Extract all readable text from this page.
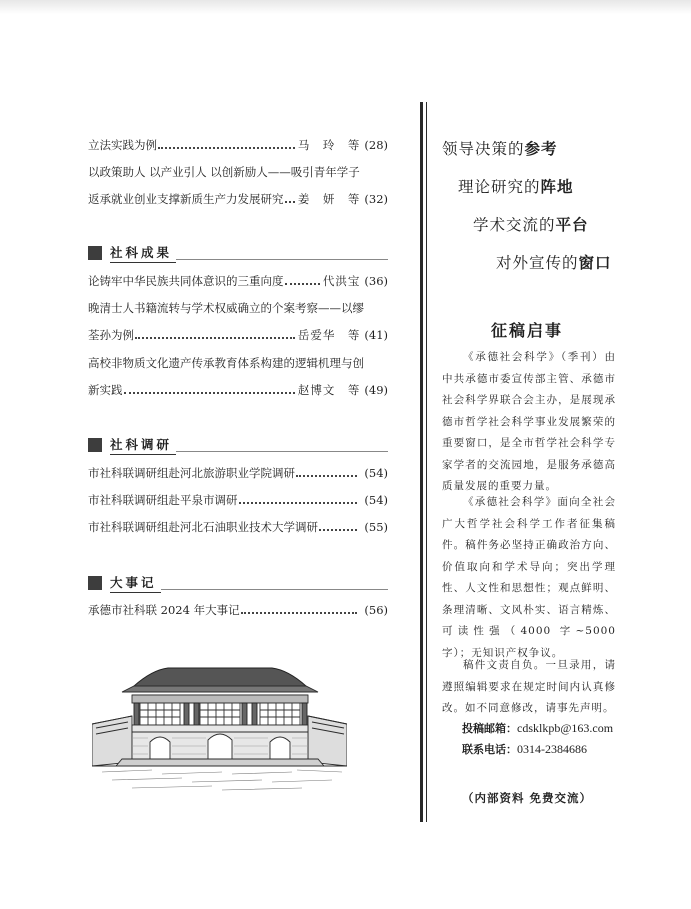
立法实践为例	马　玲　等 (28)
以政策助人 以产业引人 以创新励人——吸引青年学子
返承就业创业支撑新质生产力发展研究 姜　妍　等 (32)
社科成果
论铸牢中华民族共同体意识的三重向度	代洪宝 (36)
晚清士人书籍流转与学术权威确立的个案考察——以缪
荃孙为例	岳爱华　等 (41)
高校非物质文化遗产传承教育体系构建的逻辑机理与创
新实践	赵博文　等 (49)
社科调研
市社科联调研组赴河北旅游职业学院调研	(54)
市社科联调研组赴平泉市调研	(54)
市社科联调研组赴河北石油职业技术大学调研	(55)
大事记
承德市社科联 2024 年大事记	(56)
领导决策的参考
理论研究的阵地
学术交流的平台
对外宣传的窗口
征稿启事
《承德社会科学》（季刊）由中共承德市委宣传部主管、承德市社会科学界联合会主办，是展现承德市哲学社会科学事业发展繁荣的重要窗口，是全市哲学社会科学专家学者的交流园地，是服务承德高质量发展的重要力量。
《承德社会科学》面向全社会广大哲学社会科学工作者征集稿件。稿件务必坚持正确政治方向、价值取向和学术导向；突出学理性、人文性和思想性；观点鲜明、条理清晰、文风朴实、语言精炼、可读性强（4000 字~5000 字）；无知识产权争议。
稿件文责自负。一旦录用，请遵照编辑要求在规定时间内认真修改。如不同意修改，请事先声明。
投稿邮箱：cdsklkpb@163.com
联系电话：0314-2384686
（内部资料 免费交流）
